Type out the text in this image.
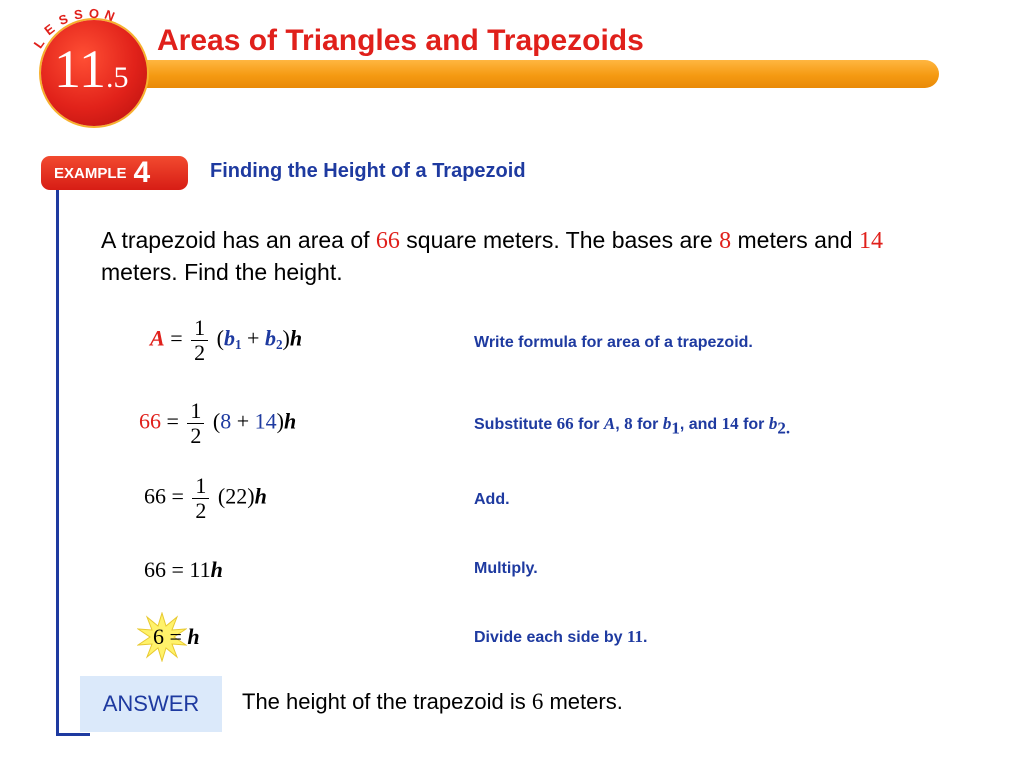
11.5
L
E
S S O N
Areas of Triangles and Trapezoids
EXAMPLE 4	Finding the Height of a Trapezoid
A trapezoid has an area of 66 square meters. The bases are 8 meters and 14 meters. Find the height.
$A = \frac{1}{2} (b_1 + b_2)h$	Write formula for area of a trapezoid.
$66 = \frac{1}{2} (8 + 14)h$	Substitute 66 for A, 8 for $b_1$, and 14 for $b_{2.}$
$66 = \frac{1}{2} (22)h$	Add.
66 = 11h	Multiply.
6 = h	Divide each side by 11.
ANSWER	The height of the trapezoid is 6 meters.
